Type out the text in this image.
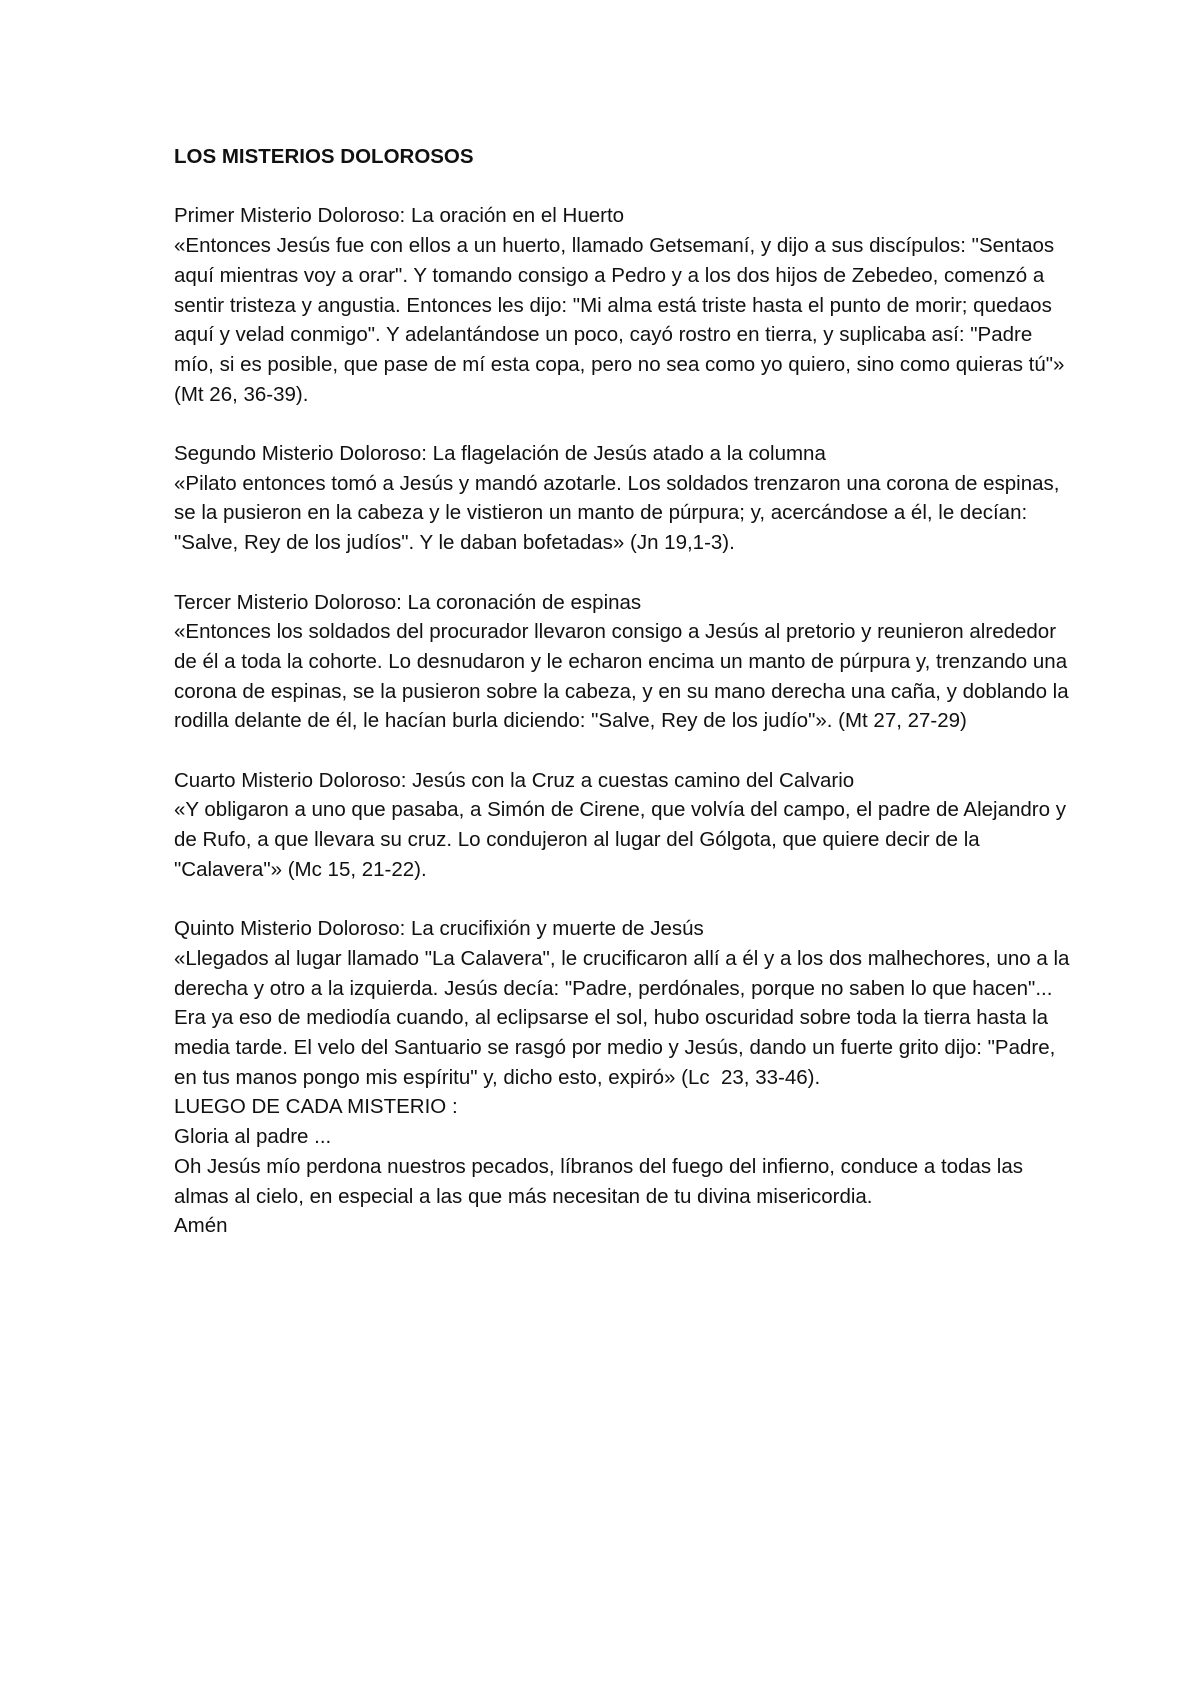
LOS MISTERIOS DOLOROSOS

Primer Misterio Doloroso: La oración en el Huerto

«Entonces Jesús fue con ellos a un huerto, llamado Getsemaní, y dijo a sus discípulos: "Sentaos aquí mientras voy a orar". Y tomando consigo a Pedro y a los dos hijos de Zebedeo, comenzó a sentir tristeza y angustia. Entonces les dijo: "Mi alma está triste hasta el punto de morir; quedaos aquí y velad conmigo". Y adelantándose un poco, cayó rostro en tierra, y suplicaba así: "Padre mío, si es posible, que pase de mí esta copa, pero no sea como yo quiero, sino como quieras tú"» (Mt 26, 36-39).

Segundo Misterio Doloroso: La flagelación de Jesús atado a la columna

«Pilato entonces tomó a Jesús y mandó azotarle. Los soldados trenzaron una corona de espinas, se la pusieron en la cabeza y le vistieron un manto de púrpura; y, acercándose a él, le decían: "Salve, Rey de los judíos". Y le daban bofetadas» (Jn 19,1-3).

Tercer Misterio Doloroso: La coronación de espinas

«Entonces los soldados del procurador llevaron consigo a Jesús al pretorio y reunieron alrededor de él a toda la cohorte. Lo desnudaron y le echaron encima un manto de púrpura y, trenzando una corona de espinas, se la pusieron sobre la cabeza, y en su mano derecha una caña, y doblando la rodilla delante de él, le hacían burla diciendo: "Salve, Rey de los judío"». (Mt 27, 27-29)

Cuarto Misterio Doloroso: Jesús con la Cruz a cuestas camino del Calvario

«Y obligaron a uno que pasaba, a Simón de Cirene, que volvía del campo, el padre de Alejandro y de Rufo, a que llevara su cruz. Lo condujeron al lugar del Gólgota, que quiere decir de la "Calavera"» (Mc 15, 21-22).

Quinto Misterio Doloroso: La crucifixión y muerte de Jesús

«Llegados al lugar llamado "La Calavera", le crucificaron allí a él y a los dos malhechores, uno a la derecha y otro a la izquierda. Jesús decía: "Padre, perdónales, porque no saben lo que hacen"... Era ya eso de mediodía cuando, al eclipsarse el sol, hubo oscuridad sobre toda la tierra hasta la media tarde. El velo del Santuario se rasgó por medio y Jesús, dando un fuerte grito dijo: "Padre, en tus manos pongo mis espíritu" y, dicho esto, expiró» (Lc  23, 33-46).

LUEGO DE CADA MISTERIO :

Gloria al padre ...

Oh Jesús mío perdona nuestros pecados, líbranos del fuego del infierno, conduce a todas las almas al cielo, en especial a las que más necesitan de tu divina misericordia.

Amén
